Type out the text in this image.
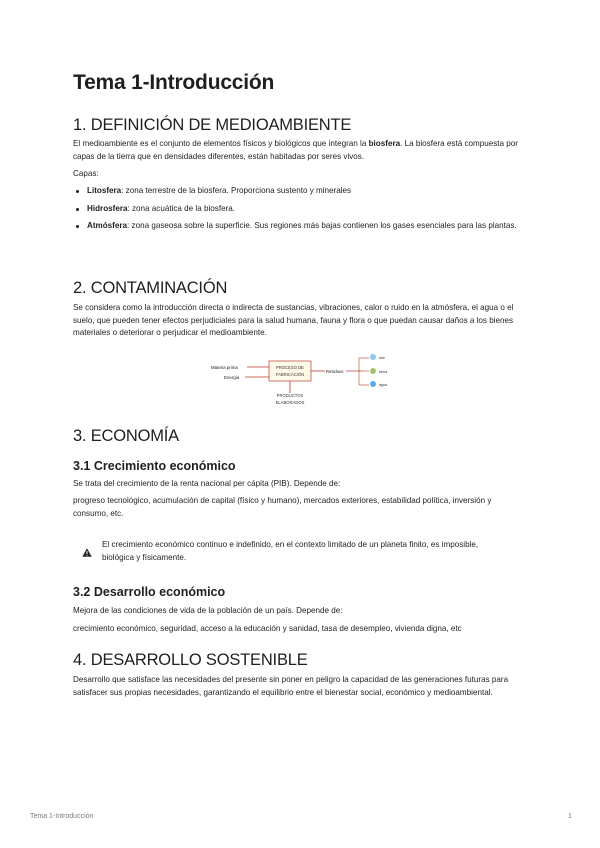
Tema 1-Introducción
1. DEFINICIÓN DE MEDIOAMBIENTE

El medioambiente es el conjunto de elementos físicos y biológicos que integran la biosfera. La biosfera está compuesta por capas de la tierra que en densidades diferentes, están habitadas por seres vivos.

Capas:

Litosfera: zona terrestre de la biosfera. Proporciona sustento y minerales
Hidrosfera: zona acuática de la biosfera.
Atmósfera: zona gaseosa sobre la superficie. Sus regiones más bajas contienen los gases esenciales para las plantas.
2. CONTAMINACIÓN

Se considera como la introducción directa o indirecta de sustancias, vibraciones, calor o ruido en la atmósfera, el agua o el suelo, que pueden tener efectos perjudiciales para la salud humana, fauna y flora o que puedan causar daños a los bienes materiales o deteriorar o perjudicar el medioambiente.

Materia prima
Energía
PROCESO DE
FABRICACIÓN
Residuos
aire
tierra
agua
PRODUCTOS
ELABORADOS
3. ECONOMÍA
3.1 Crecimiento económico

Se trata del crecimiento de la renta nacional per cápita (PIB). Depende de:

progreso tecnológico, acumulación de capital (físico y humano), mercados exteriores, estabilidad política, inversión y consumo, etc.

El crecimiento económico continuo e indefinido, en el contexto limitado de un planeta finito, es imposible, biológica y físicamente.
3.2 Desarrollo económico

Mejora de las condiciones de vida de la población de un país. Depende de:

crecimiento económico, seguridad, acceso a la educación y sanidad, tasa de desempleo, vivienda digna, etc

4. DESARROLLO SOSTENIBLE

Desarrollo que satisface las necesidades del presente sin poner en peligro la capacidad de las generaciones futuras para satisfacer sus propias necesidades, garantizando el equilibrio entre el bienestar social, económico y medioambiental.

Tema 1-Introducción	1
